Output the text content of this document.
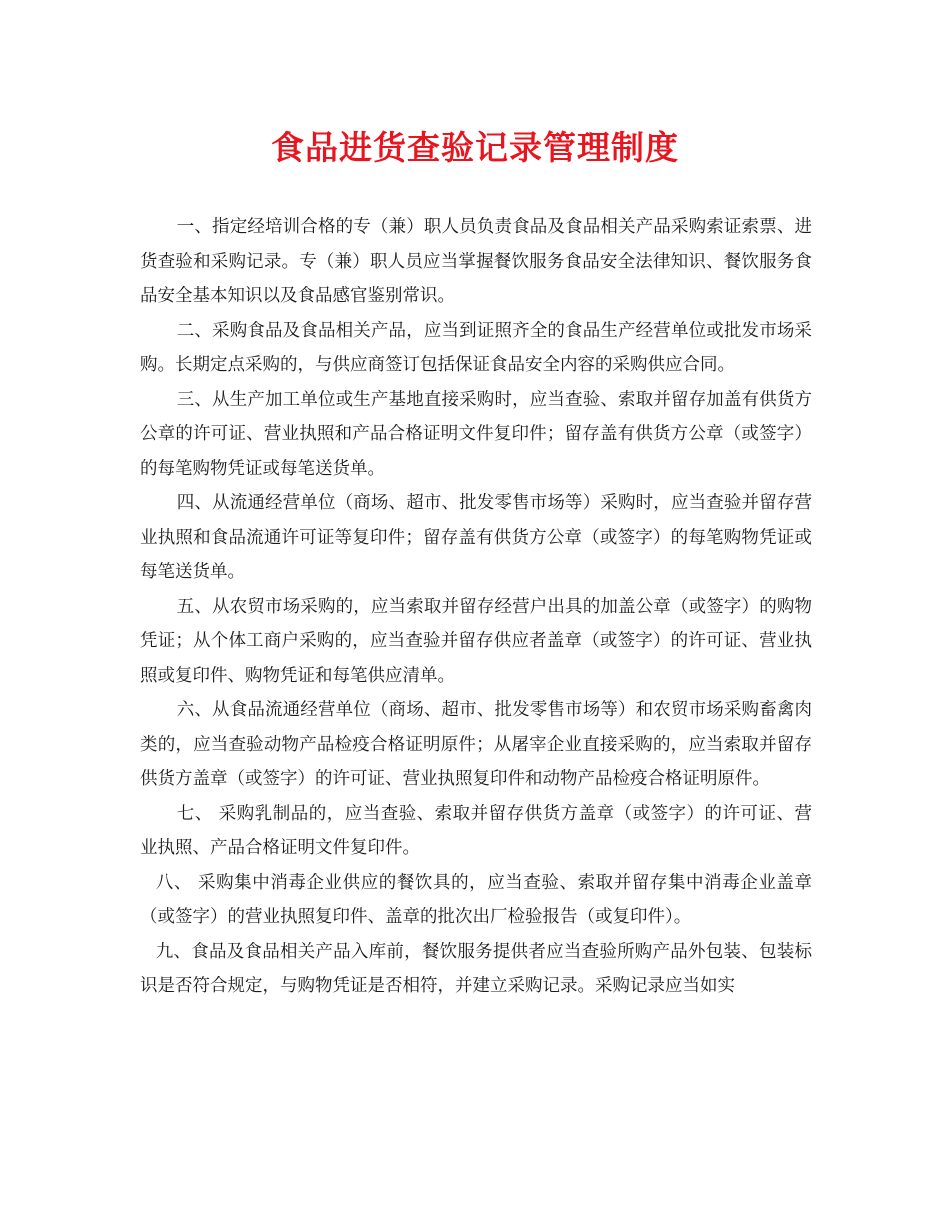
食品进货查验记录管理制度

一、指定经培训合格的专（兼）职人员负责食品及食品相关产品采购索证索票、进货查验和采购记录。专（兼）职人员应当掌握餐饮服务食品安全法律知识、餐饮服务食品安全基本知识以及食品感官鉴别常识。

二、采购食品及食品相关产品，应当到证照齐全的食品生产经营单位或批发市场采购。长期定点采购的，与供应商签订包括保证食品安全内容的采购供应合同。

三、从生产加工单位或生产基地直接采购时，应当查验、索取并留存加盖有供货方公章的许可证、营业执照和产品合格证明文件复印件；留存盖有供货方公章（或签字）的每笔购物凭证或每笔送货单。

四、从流通经营单位（商场、超市、批发零售市场等）采购时，应当查验并留存营业执照和食品流通许可证等复印件；留存盖有供货方公章（或签字）的每笔购物凭证或每笔送货单。

五、从农贸市场采购的，应当索取并留存经营户出具的加盖公章（或签字）的购物凭证；从个体工商户采购的，应当查验并留存供应者盖章（或签字）的许可证、营业执照或复印件、购物凭证和每笔供应清单。

六、从食品流通经营单位（商场、超市、批发零售市场等）和农贸市场采购畜禽肉类的，应当查验动物产品检疫合格证明原件；从屠宰企业直接采购的，应当索取并留存供货方盖章（或签字）的许可证、营业执照复印件和动物产品检疫合格证明原件。

七、 采购乳制品的，应当查验、索取并留存供货方盖章（或签字）的许可证、营业执照、产品合格证明文件复印件。

八、 采购集中消毒企业供应的餐饮具的，应当查验、索取并留存集中消毒企业盖章（或签字）的营业执照复印件、盖章的批次出厂检验报告（或复印件）。

九、食品及食品相关产品入库前，餐饮服务提供者应当查验所购产品外包装、包装标识是否符合规定，与购物凭证是否相符，并建立采购记录。采购记录应当如实
